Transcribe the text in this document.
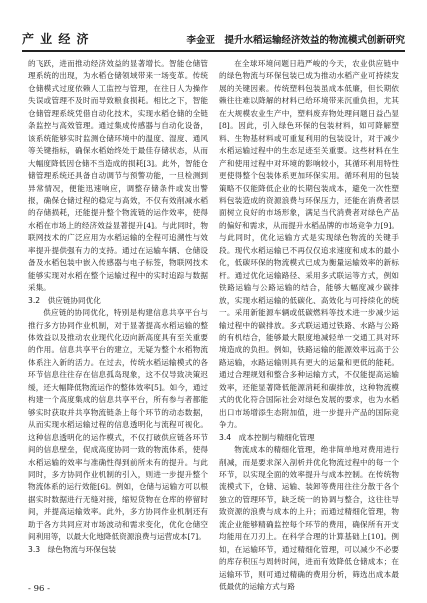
产 业 经 济	李金亚　提升水稻运输经济效益的物流模式创新研究

的飞跃，进而推动经济效益的显著增长。智能仓储管理系统的出现，为水稻仓储领域带来一场变革。传统仓储模式过度依赖人工监控与管理，在往日人为操作失误或管理不及时而导致粮食损耗。相比之下，智能仓储管理系统凭借自动化技术，实现水稻仓储的全链条监控与高效管理。通过集成传感器与自动化设备，该系统能够实时监测仓储环境中的温度、湿度、通风等关键指标，确保水稻始终处于最佳存储状态，从而大幅度降低因仓储不当造成的损耗[3]。此外，智能仓储管理系统还具备自动调节与预警功能，一旦检测到异常情况，便能迅速响应，调整存储条件或发出警报，确保仓储过程的稳定与高效，不仅有效削减水稻的存储损耗，还能提升整个物流链的运作效率，使得水稻在市场上的经济效益显著提升[4]。与此同时，物联网技术的广泛应用为水稻运输的全程可追溯性与效率提升提供强有力的支持。通过在运输车辆、仓储设备及水稻包装中嵌入传感器与电子标签，物联网技术能够实现对水稻在整个运输过程中的实时追踪与数据采集。

3.2　供应链协同优化

供应链的协同优化，特别是构建信息共享平台与推行多方协同作业机制，对于显著提高水稻运输的整体效益以及推动农业现代化迈向新高度具有至关重要的作用。信息共享平台的建立，无疑为整个水稻物流体系注入新的活力。在过去，传统水稻运输模式的各环节信息往往存在信息孤岛现象，这不仅导致决策迟缓，还大幅降低物流运作的整体效率[5]。如今，通过构建一个高度集成的信息共享平台，所有参与者都能够实时获取并共享物流链条上每个环节的动态数据，从而实现水稻运输过程的信息透明化与流程可视化。这种信息透明化的运作模式，不仅打破供应链各环节间的信息壁垒，促成高度协同一致的物流体系，使得水稻运输的效率与准确性得到前所未有的提升。与此同时，多方协同作业机制的引入，则进一步提升整个物流体系的运行效能[6]。例如，仓储与运输方可以根据实时数据进行无缝对接，缩短货物在仓库的停留时间，并提高运输效率。此外，多方协同作业机制还有助于各方共同应对市场波动和需求变化，优化仓储空间利用等，以最大化地降低资源浪费与运营成本[7]。

3.3　绿色物流与环保包装

在全球环境问题日趋严峻的今天，农业供应链中的绿色物流与环保包装已成为推动水稻产业可持续发展的关键因素。传统塑料包装虽成本低廉，但长期依赖往往难以降解的材料已给环境带来沉重负担，尤其在大规模农业生产中，塑料废弃物处理问题日益凸显[8]。因此，引入绿色环保的包装材料，如可降解塑料、生物基材料或可重复利用的包装设计，对于减少水稻运输过程中的生态足迹至关重要。这些材料在生产和使用过程中对环境的影响较小，其循环利用特性更使得整个包装体系更加环保实用。循环利用的包装策略不仅能降低企业的长期包装成本，避免一次性塑料包装造成的资源浪费与环保压力，还能在消费者层面树立良好的市场形象，满足当代消费者对绿色产品的偏好和需求，从而提升水稻品牌的市场竞争力[9]。与此同时，优化运输方式是实现绿色物流的关键手段。现代水稻运输已不再仅仅追求速度和成本的最小化，低碳环保的物流模式已成为衡量运输效率的新标杆。通过优化运输路径、采用多式联运等方式，例如铁路运输与公路运输的结合，能够大幅度减少碳排放，实现水稻运输的低碳化、高效化与可持续化的统一。采用新能源车辆或低碳燃料等技术进一步减少运输过程中的碳排放。多式联运通过铁路、水路与公路的有机结合，能够最大限度地减轻单一交通工具对环境造成的负担。例如，铁路运输的能源效率远高于公路运输，水路运输则具有更大的运量和更低的能耗。通过合理规划和整合多种运输方式，不仅能提高运输效率，还能显著降低能源消耗和碳排放，这种物流模式的优化符合国际社会对绿色发展的要求，也为水稻出口市场增添生态附加值，进一步提升产品的国际竞争力。

3.4　成本控制与精细化管理

物流成本的精细化管理，绝非简单地对费用进行削减，而是要求深入剖析并优化物流过程中的每一个环节，以实现全面的效率提升与成本控制。在传统物流模式下，仓储、运输、装卸等费用往往分散于各个独立的管理环节，缺乏统一的协调与整合，这往往导致资源的浪费与成本的上升；而通过精细化管理，物流企业能够精确监控每个环节的费用，确保所有开支均能用在刀刃上。在科学合理的计算基础上[10]。例如，在运输环节，通过精细化管理，可以减少不必要的库存积压与周转时间，进而有效降低仓储成本；在运输环节，则可通过精确的费用分析，筛选出成本最低最优的运输方式与路

- 96 -
